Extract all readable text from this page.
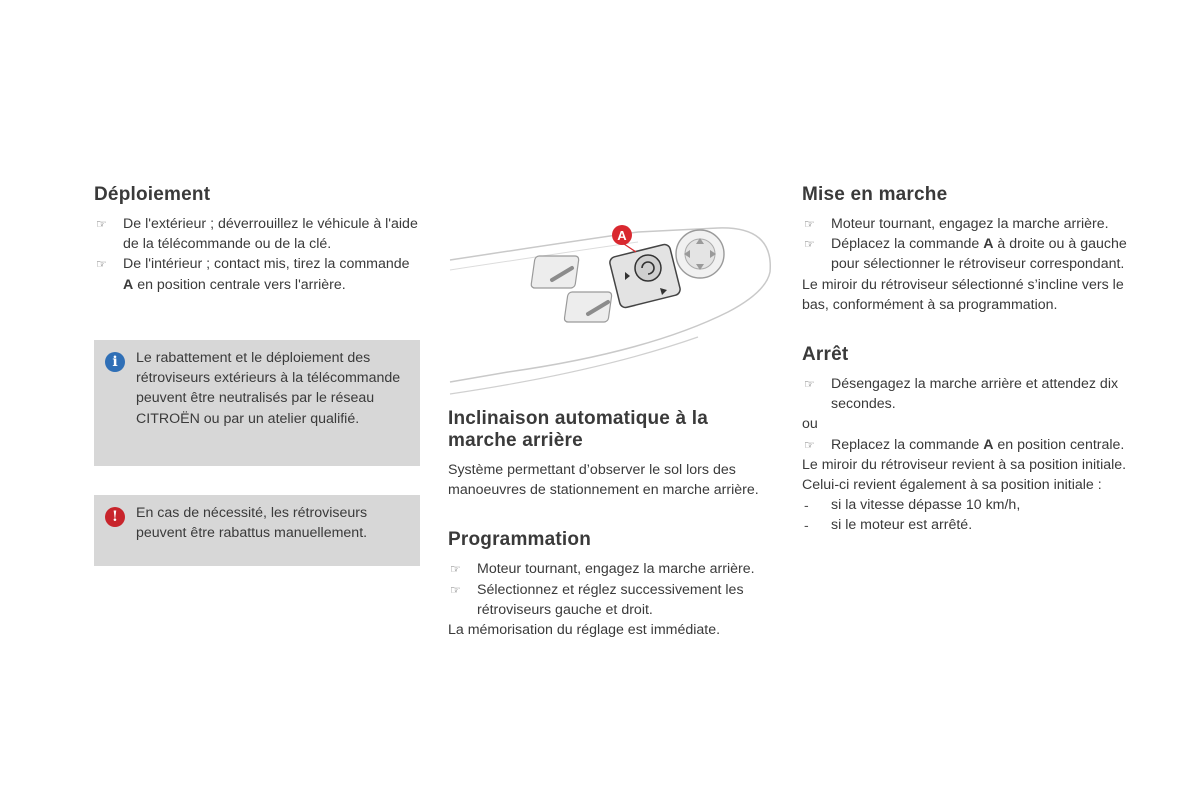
Déploiement
☞	De l'extérieur ; déverrouillez le véhicule à l'aide de la télécommande ou de la clé.
☞	De l'intérieur ; contact mis, tirez la commande A en position centrale vers l'arrière.
i	Le rabattement et le déploiement des rétroviseurs extérieurs à la télécommande peuvent être neutralisés par le réseau CITROËN ou par un atelier qualifié.
!	En cas de nécessité, les rétroviseurs peuvent être rabattus manuellement.
A
Inclinaison automatique à la marche arrière

Système permettant d’observer le sol lors des manoeuvres de stationnement en marche arrière.

Programmation
☞	Moteur tournant, engagez la marche arrière.
☞	Sélectionnez et réglez successivement les rétroviseurs gauche et droit.

La mémorisation du réglage est immédiate.

Mise en marche
☞	Moteur tournant, engagez la marche arrière.
☞	Déplacez la commande A à droite ou à gauche pour sélectionner le rétroviseur correspondant.

Le miroir du rétroviseur sélectionné s’incline vers le bas, conformément à sa programmation.

Arrêt
☞	Désengagez la marche arrière et attendez dix secondes.

ou

☞	Replacez la commande A en position centrale.

Le miroir du rétroviseur revient à sa position initiale.

Celui-ci revient également à sa position initiale :

-	si la vitesse dépasse 10 km/h,
-	si le moteur est arrêté.
